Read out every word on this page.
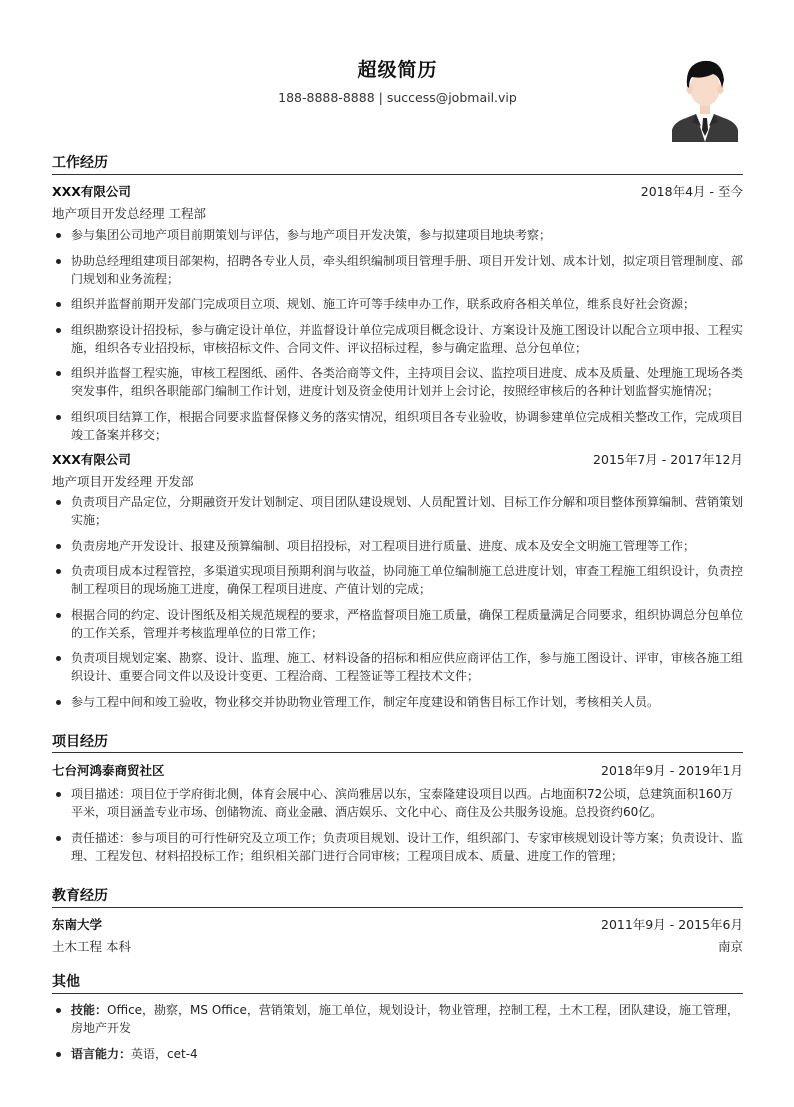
超级简历
188-8888-8888 | success@jobmail.vip
工作经历
XXX有限公司	2018年4月 - 至今
地产项目开发总经理 工程部
参与集团公司地产项目前期策划与评估，参与地产项目开发决策，参与拟建项目地块考察；
协助总经理组建项目部架构，招聘各专业人员，牵头组织编制项目管理手册、项目开发计划、成本计划，拟定项目管理制度、部门规划和业务流程；
组织并监督前期开发部门完成项目立项、规划、施工许可等手续申办工作，联系政府各相关单位，维系良好社会资源；
组织勘察设计招投标，参与确定设计单位，并监督设计单位完成项目概念设计、方案设计及施工图设计以配合立项申报、工程实施，组织各专业招投标，审核招标文件、合同文件、评议招标过程，参与确定监理、总分包单位；
组织并监督工程实施，审核工程图纸、函件、各类洽商等文件，主持项目会议、监控项目进度、成本及质量、处理施工现场各类突发事件，组织各职能部门编制工作计划，进度计划及资金使用计划并上会讨论，按照经审核后的各种计划监督实施情况；
组织项目结算工作，根据合同要求监督保修义务的落实情况，组织项目各专业验收，协调参建单位完成相关整改工作，完成项目竣工备案并移交；
XXX有限公司	2015年7月 - 2017年12月
地产项目开发经理 开发部
负责项目产品定位，分期融资开发计划制定、项目团队建设规划、人员配置计划、目标工作分解和项目整体预算编制、营销策划实施；
负责房地产开发设计、报建及预算编制、项目招投标，对工程项目进行质量、进度、成本及安全文明施工管理等工作；
负责项目成本过程管控，多渠道实现项目预期利润与收益，协同施工单位编制施工总进度计划，审查工程施工组织设计，负责控制工程项目的现场施工进度，确保工程项目进度、产值计划的完成；
根据合同的约定、设计图纸及相关规范规程的要求，严格监督项目施工质量，确保工程质量满足合同要求，组织协调总分包单位的工作关系，管理并考核监理单位的日常工作；
负责项目规划定案、勘察、设计、监理、施工、材料设备的招标和相应供应商评估工作，参与施工图设计、评审，审核各施工组织设计、重要合同文件以及设计变更、工程洽商、工程签证等工程技术文件；
参与工程中间和竣工验收，物业移交并协助物业管理工作，制定年度建设和销售目标工作计划，考核相关人员。
项目经历
七台河鸿泰商贸社区	2018年9月 - 2019年1月
项目描述：项目位于学府街北侧，体育会展中心、滨尚雅居以东，宝泰隆建设项目以西。占地面积72公顷，总建筑面积160万平米，项目涵盖专业市场、创储物流、商业金融、酒店娱乐、文化中心、商住及公共服务设施。总投资约60亿。
责任描述：参与项目的可行性研究及立项工作；负责项目规划、设计工作，组织部门、专家审核规划设计等方案；负责设计、监理、工程发包、材料招投标工作；组织相关部门进行合同审核；工程项目成本、质量、进度工作的管理；
教育经历
东南大学	2011年9月 - 2015年6月
土木工程 本科	南京
其他
技能：Office，勘察，MS Office，营销策划，施工单位，规划设计，物业管理，控制工程，土木工程，团队建设，施工管理，房地产开发
语言能力：英语，cet-4
